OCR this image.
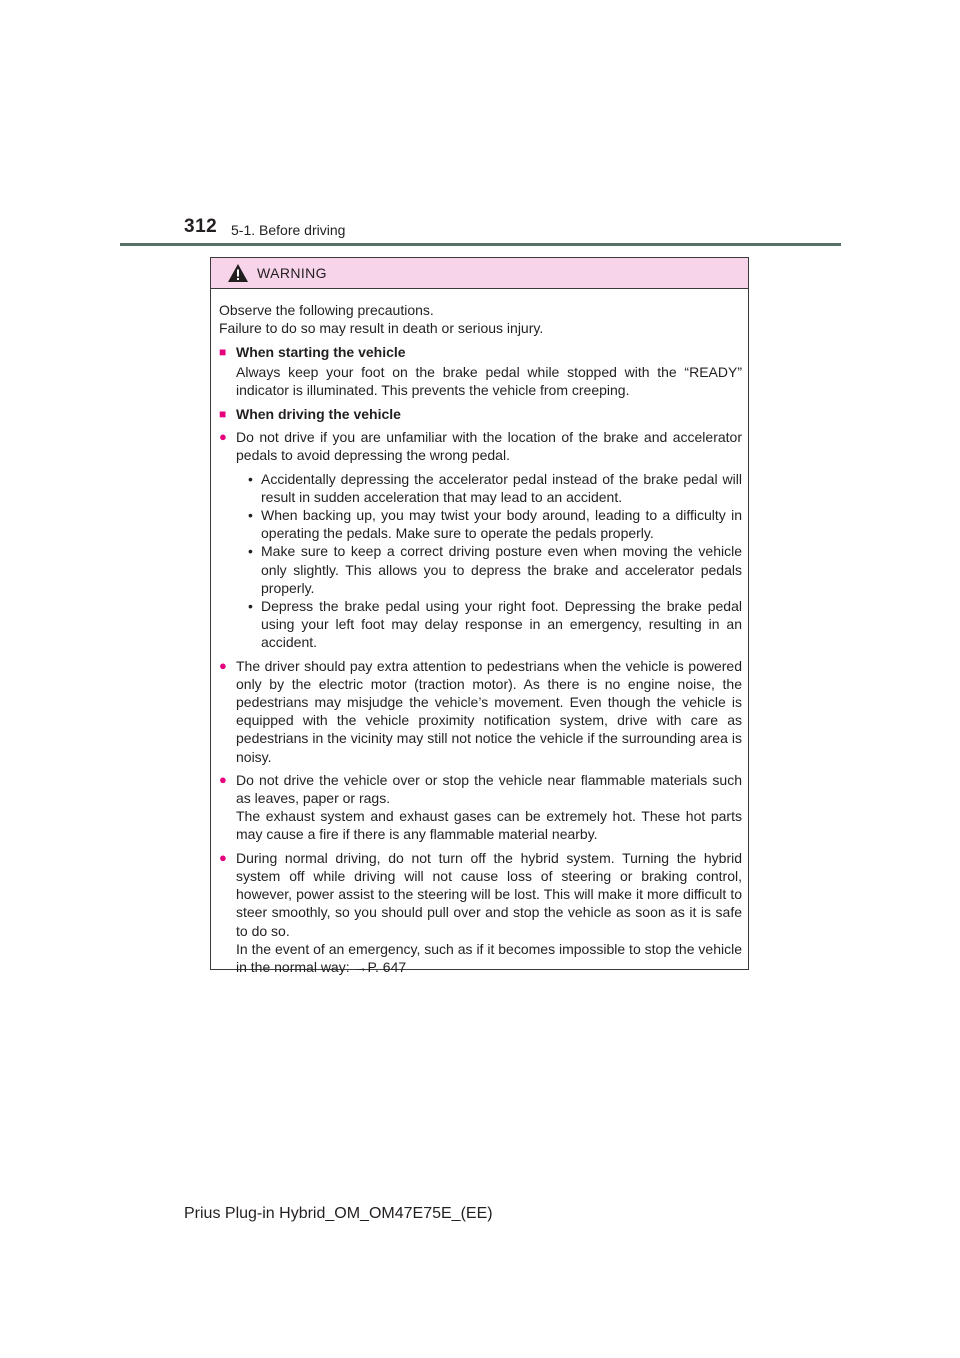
312 5-1. Before driving
WARNING

Observe the following precautions.

Failure to do so may result in death or serious injury.

■ When starting the vehicle

Always keep your foot on the brake pedal while stopped with the “READY” indicator is illuminated. This prevents the vehicle from creeping.

■ When driving the vehicle
● Do not drive if you are unfamiliar with the location of the brake and accelerator pedals to avoid depressing the wrong pedal.

• Accidentally depressing the accelerator pedal instead of the brake pedal will result in sudden acceleration that may lead to an accident.
• When backing up, you may twist your body around, leading to a difficulty in operating the pedals. Make sure to operate the pedals properly.
• Make sure to keep a correct driving posture even when moving the vehicle only slightly. This allows you to depress the brake and accelerator pedals properly.
• Depress the brake pedal using your right foot. Depressing the brake pedal using your left foot may delay response in an emergency, resulting in an accident.
● The driver should pay extra attention to pedestrians when the vehicle is powered only by the electric motor (traction motor). As there is no engine noise, the pedestrians may misjudge the vehicle’s movement. Even though the vehicle is equipped with the vehicle proximity notification system, drive with care as pedestrians in the vicinity may still not notice the vehicle if the surrounding area is noisy.

● Do not drive the vehicle over or stop the vehicle near flammable materials such as leaves, paper or rags.

The exhaust system and exhaust gases can be extremely hot. These hot parts may cause a fire if there is any flammable material nearby.

● During normal driving, do not turn off the hybrid system. Turning the hybrid system off while driving will not cause loss of steering or braking control, however, power assist to the steering will be lost. This will make it more difficult to steer smoothly, so you should pull over and stop the vehicle as soon as it is safe to do so.

In the event of an emergency, such as if it becomes impossible to stop the vehicle in the normal way: →P. 647

Prius Plug-in Hybrid_OM_OM47E75E_(EE)
